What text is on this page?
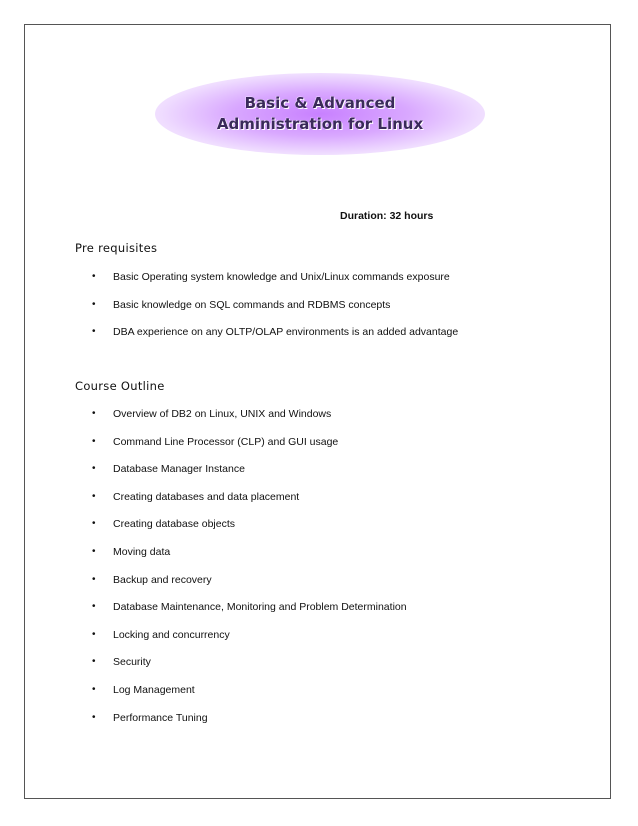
Basic & Advanced
Administration for Linux
Duration: 32 hours
Pre requisites
•	Basic Operating system knowledge and Unix/Linux commands exposure
•	Basic knowledge on SQL commands and RDBMS concepts
•	DBA experience on any OLTP/OLAP environments is an added advantage
Course Outline
•	Overview of DB2 on Linux, UNIX and Windows
•	Command Line Processor (CLP) and GUI usage
•	Database Manager Instance
•	Creating databases and data placement
•	Creating database objects
•	Moving data
•	Backup and recovery
•	Database Maintenance, Monitoring and Problem Determination
•	Locking and concurrency
•	Security
•	Log Management
•	Performance Tuning
